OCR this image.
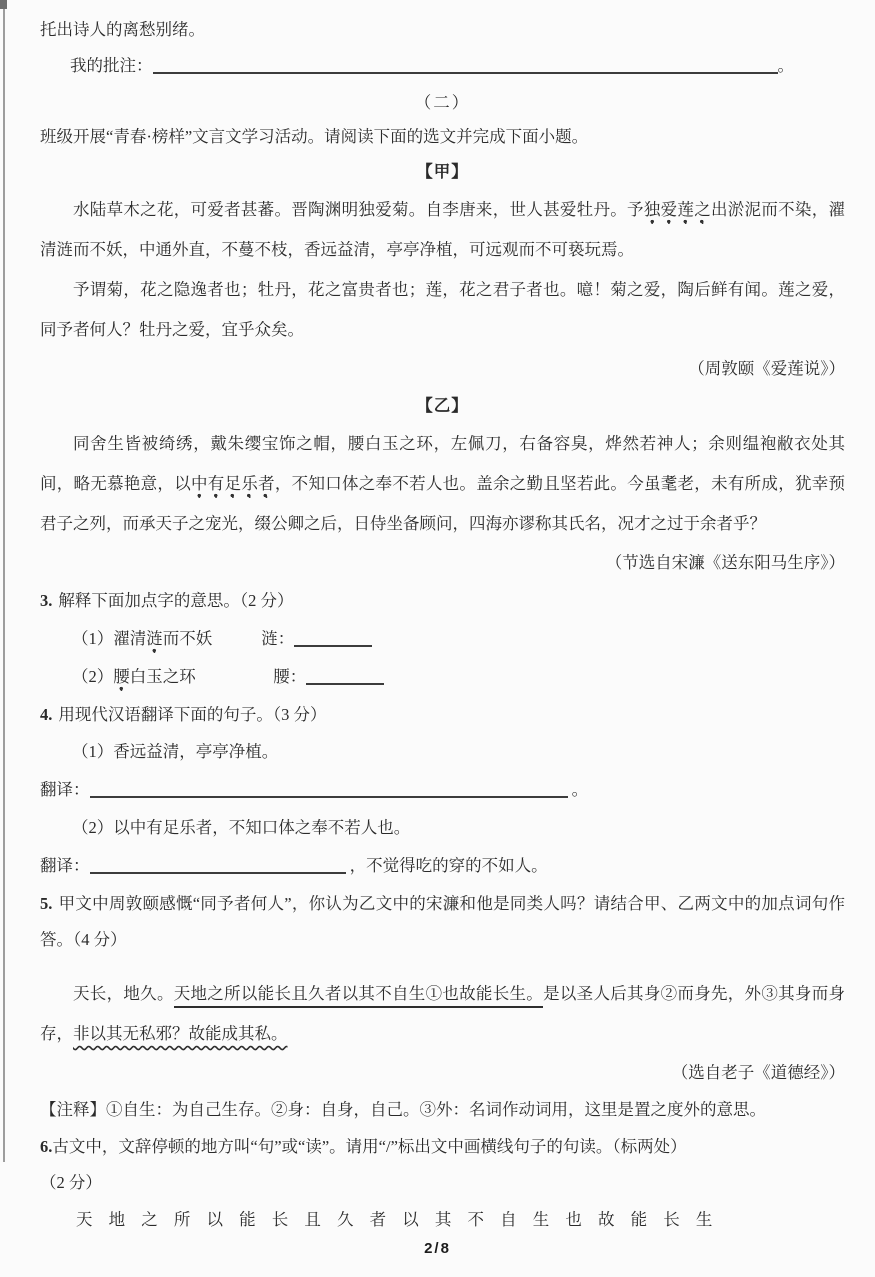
托出诗人的离愁别绪。

我的批注：	。

（二）

班级开展“青春·榜样”文言文学习活动。请阅读下面的选文并完成下面小题。

【甲】

水陆草木之花，可爱者甚蕃。晋陶渊明独爱菊。自李唐来，世人甚爱牡丹。予独爱莲之出淤泥而不染，濯清涟而不妖，中通外直，不蔓不枝，香远益清，亭亭净植，可远观而不可亵玩焉。

予谓菊，花之隐逸者也；牡丹，花之富贵者也；莲，花之君子者也。噫！菊之爱，陶后鲜有闻。莲之爱，同予者何人？牡丹之爱，宜乎众矣。

（周敦颐《爱莲说》）

【乙】

同舍生皆被绮绣，戴朱缨宝饰之帽，腰白玉之环，左佩刀，右备容臭，烨然若神人；余则缊袍敝衣处其间，略无慕艳意，以中有足乐者，不知口体之奉不若人也。盖余之勤且坚若此。今虽耄老，未有所成，犹幸预君子之列，而承天子之宠光，缀公卿之后，日侍坐备顾问，四海亦谬称其氏名，况才之过于余者乎？

（节选自宋濂《送东阳马生序》）

3. 解释下面加点字的意思。（2 分）

（1）濯清涟而不妖	涟：

（2）腰白玉之环	腰：

4. 用现代汉语翻译下面的句子。（3 分）

（1）香远益清，亭亭净植。

翻译：	。

（2）以中有足乐者，不知口体之奉不若人也。

翻译：	，不觉得吃的穿的不如人。

5. 甲文中周敦颐感慨“同予者何人”，你认为乙文中的宋濂和他是同类人吗？请结合甲、乙两文中的加点词句作答。（4 分）

天长，地久。天地之所以能长且久者以其不自生①也故能长生。是以圣人后其身②而身先，外③其身而身存，非以其无私邪？故能成其私。

（选自老子《道德经》）

【注释】①自生：为自己生存。②身：自身，自己。③外：名词作动词用，这里是置之度外的意思。

6.古文中，文辞停顿的地方叫“句”或“读”。请用“/”标出文中画横线句子的句读。（标两处）

（2 分）

天 地 之 所 以 能 长 且 久 者 以 其 不 自 生 也 故 能 长 生

2/8
